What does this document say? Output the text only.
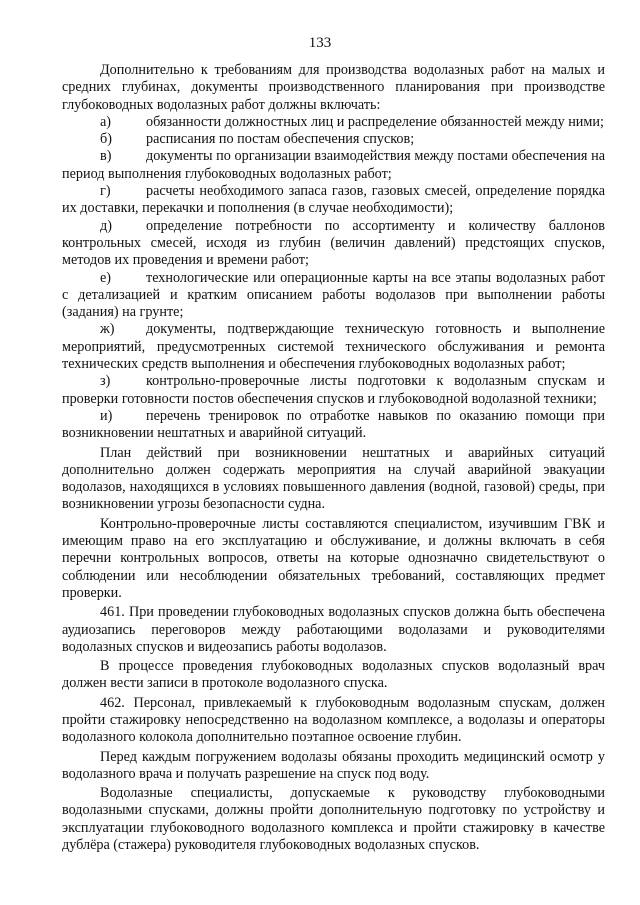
133

Дополнительно к требованиям для производства водолазных работ на малых и средних глубинах, документы производственного планирования при производстве глубоководных водолазных работ должны включать:

а) обязанности должностных лиц и распределение обязанностей между ними;

б) расписания по постам обеспечения спусков;

в) документы по организации взаимодействия между постами обеспечения на период выполнения глубоководных водолазных работ;

г) расчеты необходимого запаса газов, газовых смесей, определение порядка их доставки, перекачки и пополнения (в случае необходимости);

д) определение потребности по ассортименту и количеству баллонов контрольных смесей, исходя из глубин (величин давлений) предстоящих спусков, методов их проведения и времени работ;

е) технологические или операционные карты на все этапы водолазных работ с детализацией и кратким описанием работы водолазов при выполнении работы (задания) на грунте;

ж) документы, подтверждающие техническую готовность и выполнение мероприятий, предусмотренных системой технического обслуживания и ремонта технических средств выполнения и обеспечения глубоководных водолазных работ;

з)	контрольно-проверочные листы подготовки к водолазным спускам и проверки готовности постов обеспечения спусков и глубоководной водолазной техники;

и) перечень тренировок по отработке навыков по оказанию помощи при возникновении нештатных и аварийной ситуаций.

План действий при возникновении нештатных и аварийных ситуаций дополнительно должен содержать мероприятия на случай аварийной эвакуации водолазов, находящихся в условиях повышенного давления (водной, газовой) среды, при возникновении угрозы безопасности судна.

Контрольно-проверочные листы составляются специалистом, изучившим ГВК и имеющим право на его эксплуатацию и обслуживание, и должны включать в себя перечни контрольных вопросов, ответы на которые однозначно свидетельствуют о соблюдении или несоблюдении обязательных требований, составляющих предмет проверки.

461. При проведении глубоководных водолазных спусков должна быть обеспечена аудиозапись переговоров между работающими водолазами и руководителями водолазных спусков и видеозапись работы водолазов.

В процессе проведения глубоководных водолазных спусков водолазный врач должен вести записи в протоколе водолазного спуска.

462. Персонал, привлекаемый к глубоководным водолазным спускам, должен пройти стажировку непосредственно на водолазном комплексе, а водолазы и операторы водолазного колокола дополнительно поэтапное освоение глубин.

Перед каждым погружением водолазы обязаны проходить медицинский осмотр у водолазного врача и получать разрешение на спуск под воду.

Водолазные специалисты, допускаемые к руководству глубоководными водолазными спусками, должны пройти дополнительную подготовку по устройству и эксплуатации глубоководного водолазного комплекса и пройти стажировку в качестве дублёра (стажера) руководителя глубоководных водолазных спусков.
